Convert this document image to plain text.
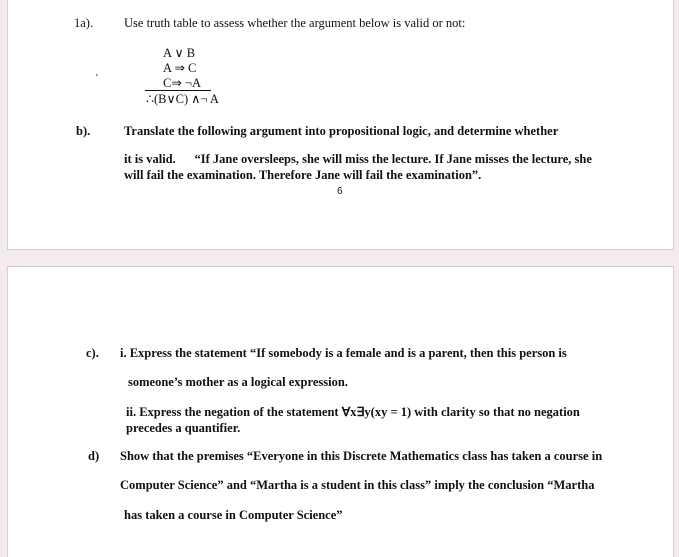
1a). Use truth table to assess whether the argument below is valid or not:
A ∨ B
A ⇒ C
C⇒ ¬A
'
∴(B∨C) ∧¬ A
b).	Translate the following argument into propositional logic, and determine whether
it is valid.      “If Jane oversleeps, she will miss the lecture. If Jane misses the lecture, she
will fail the examination. Therefore Jane will fail the examination”.
6
c). i. Express the statement “If somebody is a female and is a parent, then this person is
someone’s mother as a logical expression.
ii. Express the negation of the statement ∀x∃y(xy = 1) with clarity so that no negation
precedes a quantifier.
d) Show that the premises “Everyone in this Discrete Mathematics class has taken a course in
Computer Science” and “Martha is a student in this class” imply the conclusion “Martha
has taken a course in Computer Science”
